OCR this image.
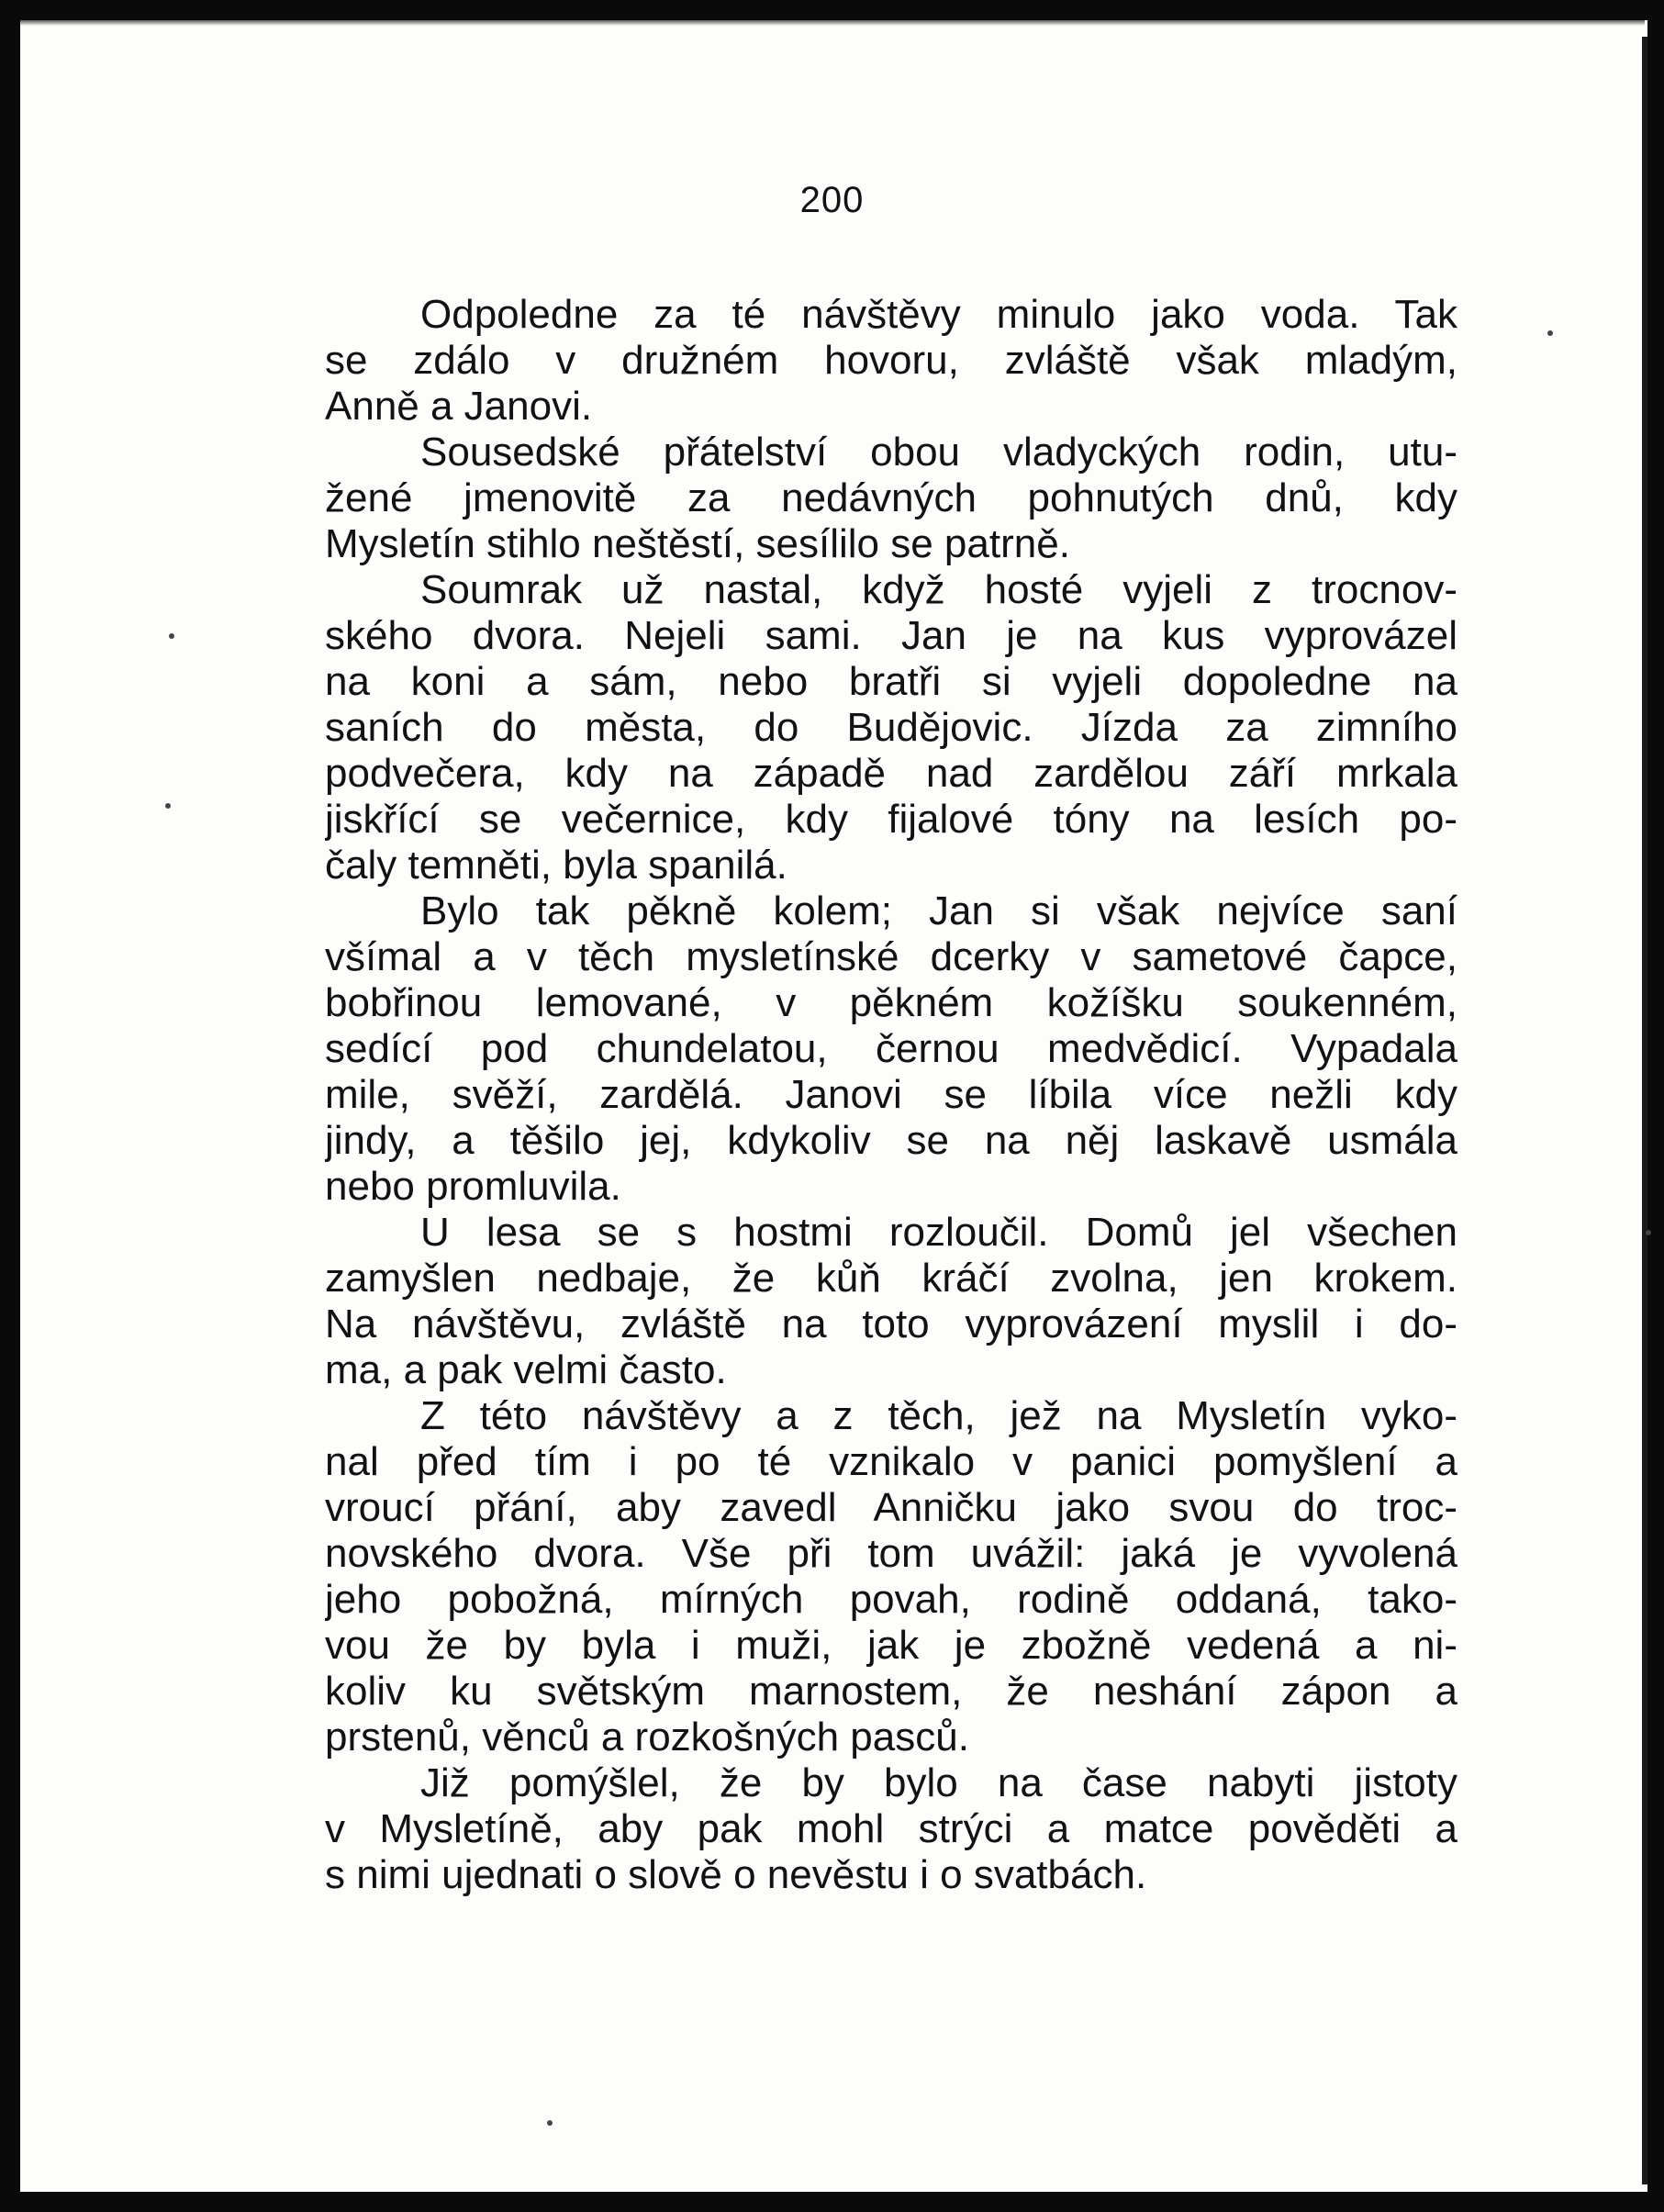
200
Odpoledne za té návštěvy minulo jako voda. Tak
se zdálo v družném hovoru, zvláště však mladým,
Anně a Janovi.
Sousedské přátelství obou vladyckých rodin, utu-
žené jmenovitě za nedávných pohnutých dnů, kdy
Mysletín stihlo neštěstí, sesílilo se patrně.
Soumrak už nastal, když hosté vyjeli z trocnov-
ského dvora. Nejeli sami. Jan je na kus vyprovázel
na koni a sám, nebo bratři si vyjeli dopoledne na
saních do města, do Budějovic. Jízda za zimního
podvečera, kdy na západě nad zardělou září mrkala
jiskřící se večernice, kdy fijalové tóny na lesích po-
čaly temněti, byla spanilá.
Bylo tak pěkně kolem; Jan si však nejvíce saní
všímal a v těch mysletínské dcerky v sametové čapce,
bobřinou lemované, v pěkném kožíšku soukenném,
sedící pod chundelatou, černou medvědicí. Vypadala
mile, svěží, zardělá. Janovi se líbila více nežli kdy
jindy, a těšilo jej, kdykoliv se na něj laskavě usmála
nebo promluvila.
U lesa se s hostmi rozloučil. Domů jel všechen
zamyšlen nedbaje, že kůň kráčí zvolna, jen krokem.
Na návštěvu, zvláště na toto vyprovázení myslil i do-
ma, a pak velmi často.
Z této návštěvy a z těch, jež na Mysletín vyko-
nal před tím i po té vznikalo v panici pomyšlení a
vroucí přání, aby zavedl Anničku jako svou do trоc-
novského dvora. Vše při tom uvážil: jaká je vyvolená
jeho pobožná, mírných povah, rodině oddaná, tako-
vou že by byla i muži, jak je zbožně vedená a ni-
koliv ku světským marnostem, že neshání zápon a
prstenů, věnců a rozkošných pasců.
Již pomýšlel, že by bylo na čase nabyti jistoty
v Mysletíně, aby pak mohl strýci a matce pověděti a
s nimi ujednati o slově o nevěstu i o svatbách.
